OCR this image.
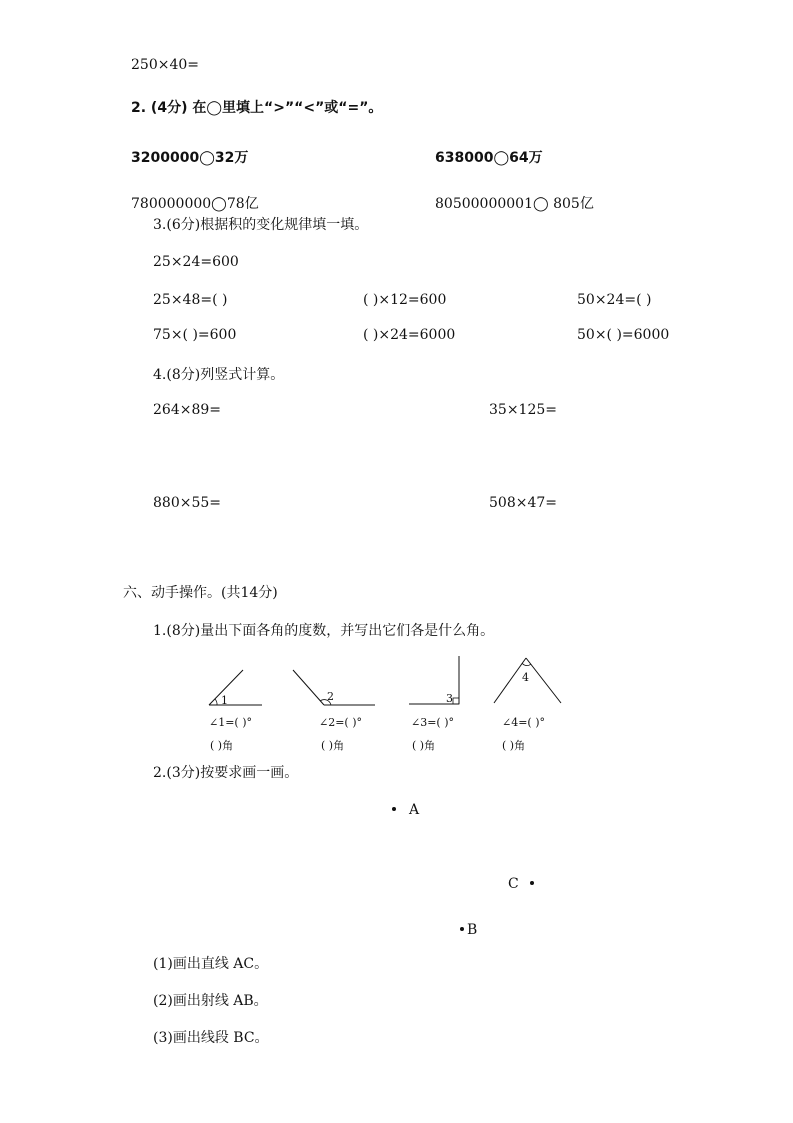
250×40=
2. (4分) 在◯里填上“>”“<”或“=”。
3200000◯32万	638000◯64万
780000000◯78亿	80500000001◯ 805亿
3.(6分)根据积的变化规律填一填。
25×24=600
25×48=( )	( )×12=600	50×24=( )
75×( )=600	( )×24=6000	50×( )=6000
4.(8分)列竖式计算。
264×89=	35×125=
880×55=	508×47=
六、动手操作。(共14分)
1.(8分)量出下面各角的度数，并写出它们各是什么角。
1	2	3
4
∠1=( )°	∠2=( )°	∠3=( )°	∠4=( )°
( )角	( )角	( )角	( )角
2.(3分)按要求画一画。
A
C
B
(1)画出直线 AC。
(2)画出射线 AB。
(3)画出线段 BC。
